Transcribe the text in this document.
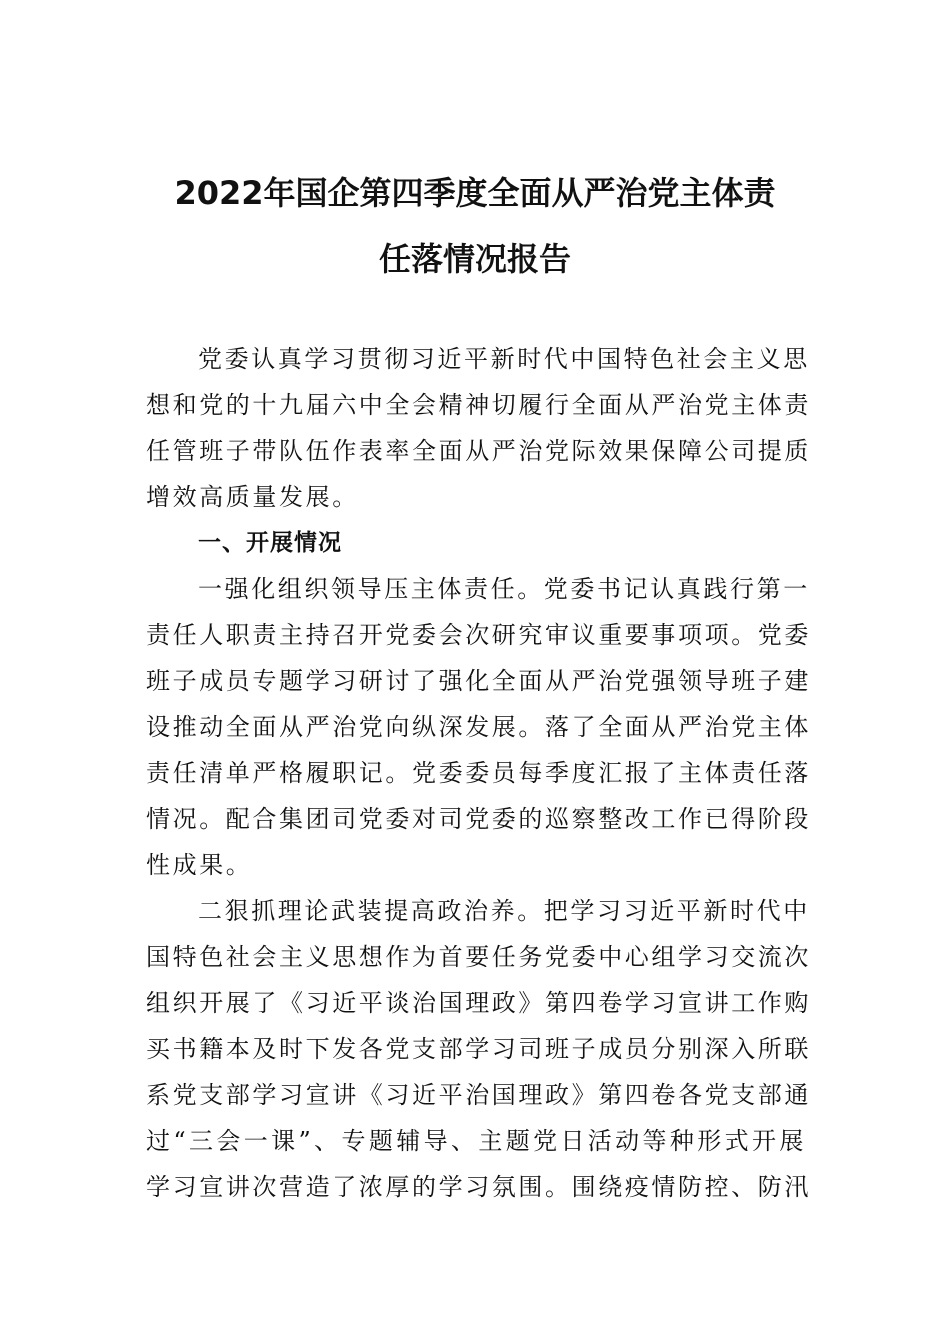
2022年国企第四季度全面从严治党主体责
任落情况报告
党委认真学习贯彻习近平新时代中国特色社会主义思
想和党的十九届六中全会精神切履行全面从严治党主体责
任管班子带队伍作表率全面从严治党际效果保障公司提质
增效高质量发展。
一、开展情况
一强化组织领导压主体责任。党委书记认真践行第一
责任人职责主持召开党委会次研究审议重要事项项。党委
班子成员专题学习研讨了强化全面从严治党强领导班子建
设推动全面从严治党向纵深发展。落了全面从严治党主体
责任清单严格履职记。党委委员每季度汇报了主体责任落
情况。配合集团司党委对司党委的巡察整改工作已得阶段
性成果。
二狠抓理论武装提高政治养。把学习习近平新时代中
国特色社会主义思想作为首要任务党委中心组学习交流次
组织开展了《习近平谈治国理政》第四卷学习宣讲工作购
买书籍本及时下发各党支部学习司班子成员分别深入所联
系党支部学习宣讲《习近平治国理政》第四卷各党支部通
过“三会一课”、专题辅导、主题党日活动等种形式开展
学习宣讲次营造了浓厚的学习氛围。围绕疫情防控、防汛
